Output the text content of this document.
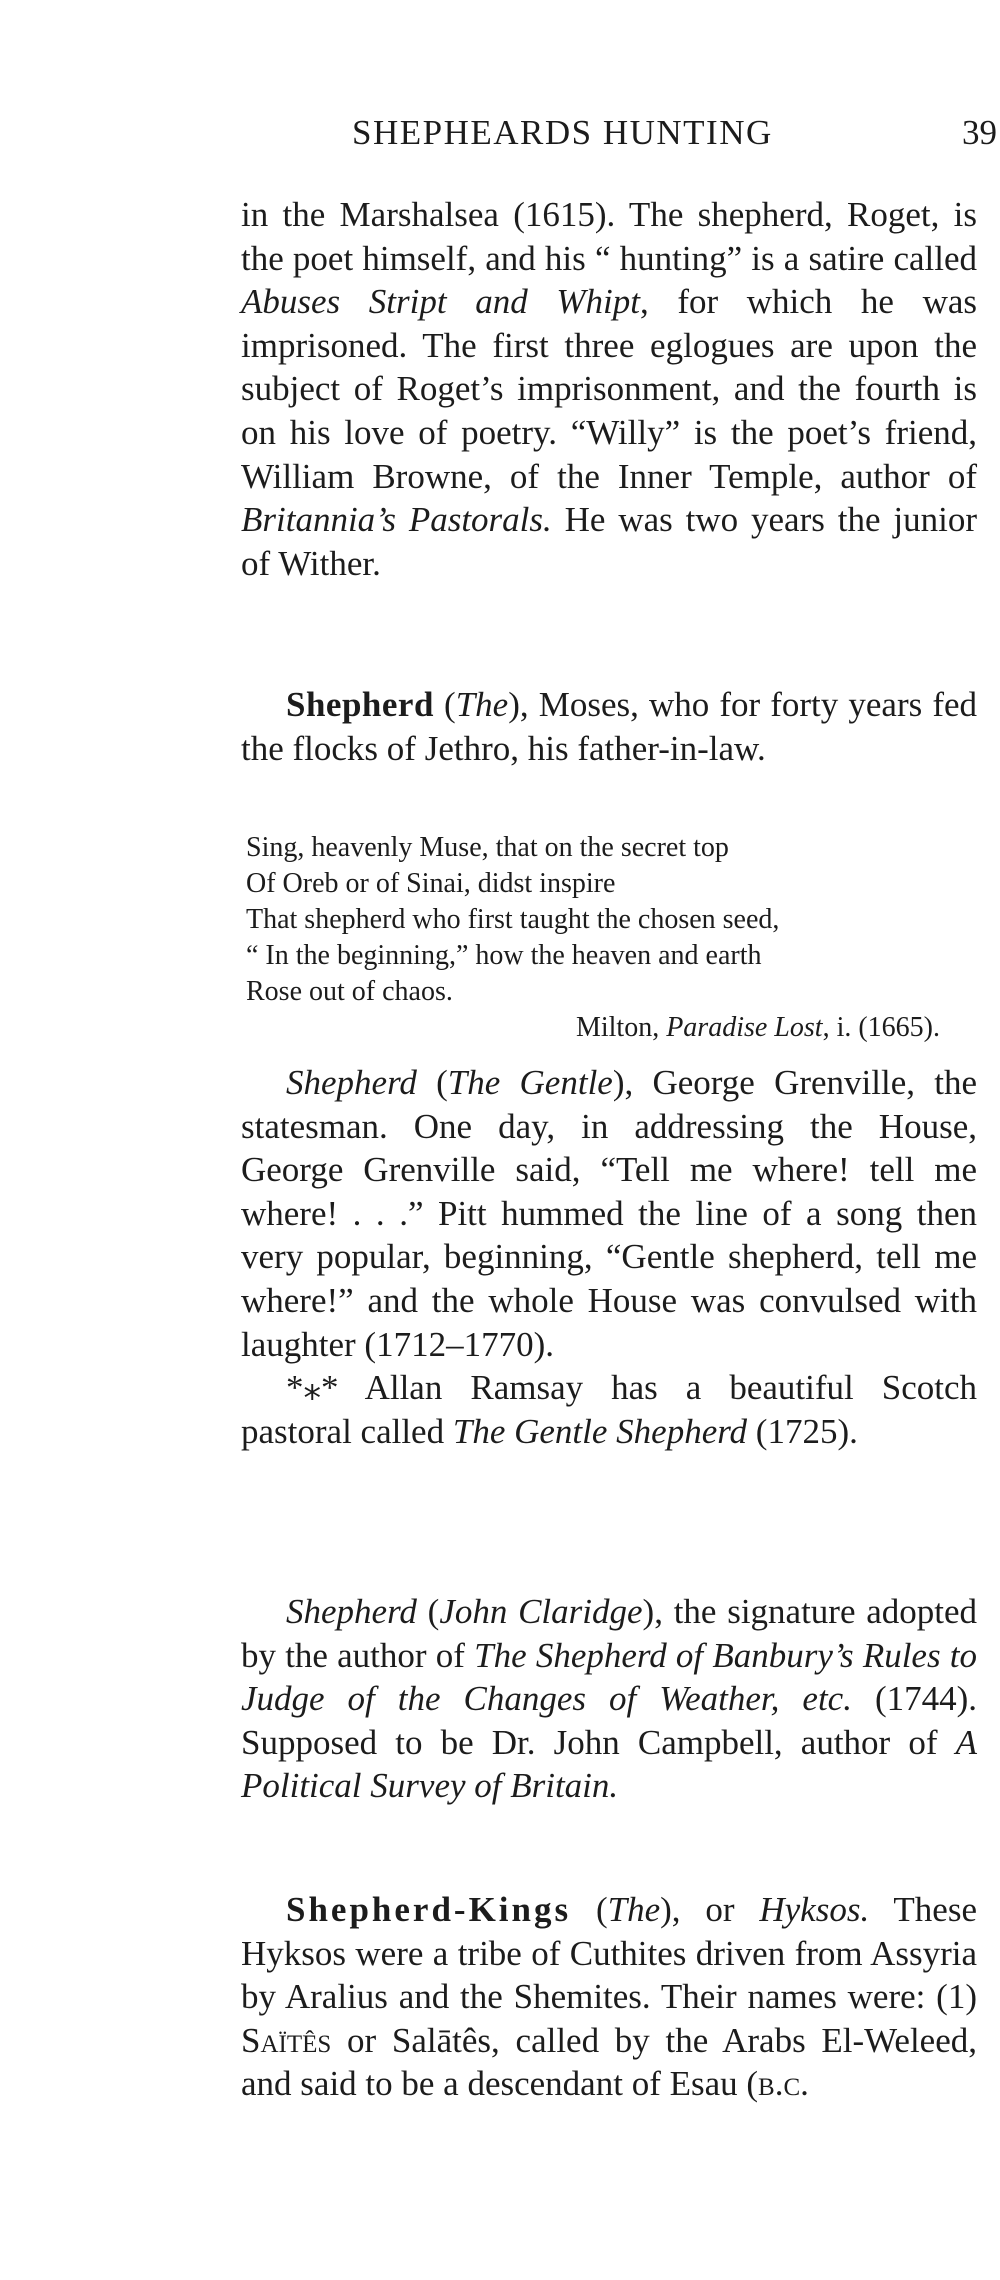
SHEPHEARDS HUNTING	39

in the Marshalsea (1615). The shepherd, Roget, is the poet himself, and his “ hunting” is a satire called Abuses Stript and Whipt, for which he was imprisoned. The first three eglogues are upon the subject of Roget’s imprisonment, and the fourth is on his love of poetry. “Willy” is the poet’s friend, William Browne, of the Inner Temple, author of Britannia’s Pastorals. He was two years the junior of Wither.

Shepherd (The), Moses, who for forty years fed the flocks of Jethro, his father-in-law.

Sing, heavenly Muse, that on the secret top
Of Oreb or of Sinai, didst inspire
That shepherd who first taught the chosen seed,
“ In the beginning,” how the heaven and earth
Rose out of chaos.
Milton, Paradise Lost, i. (1665).

Shepherd (The Gentle), George Grenville, the statesman. One day, in addressing the House, George Grenville said, “Tell me where! tell me where! . . .” Pitt hummed the line of a song then very popular, beginning, “Gentle shepherd, tell me where!” and the whole House was convulsed with laughter (1712–1770).

*⁎* Allan Ramsay has a beautiful Scotch pastoral called The Gentle Shepherd (1725).

Shepherd (John Claridge), the signature adopted by the author of The Shepherd of Banbury’s Rules to Judge of the Changes of Weather, etc. (1744). Supposed to be Dr. John Campbell, author of A Political Survey of Britain.

Shepherd-Kings (The), or Hyksos. These Hyksos were a tribe of Cuthites driven from Assyria by Aralius and the Shemites. Their names were: (1) Saïtês or Salātês, called by the Arabs El-Weleed, and said to be a descendant of Esau (b.c.
